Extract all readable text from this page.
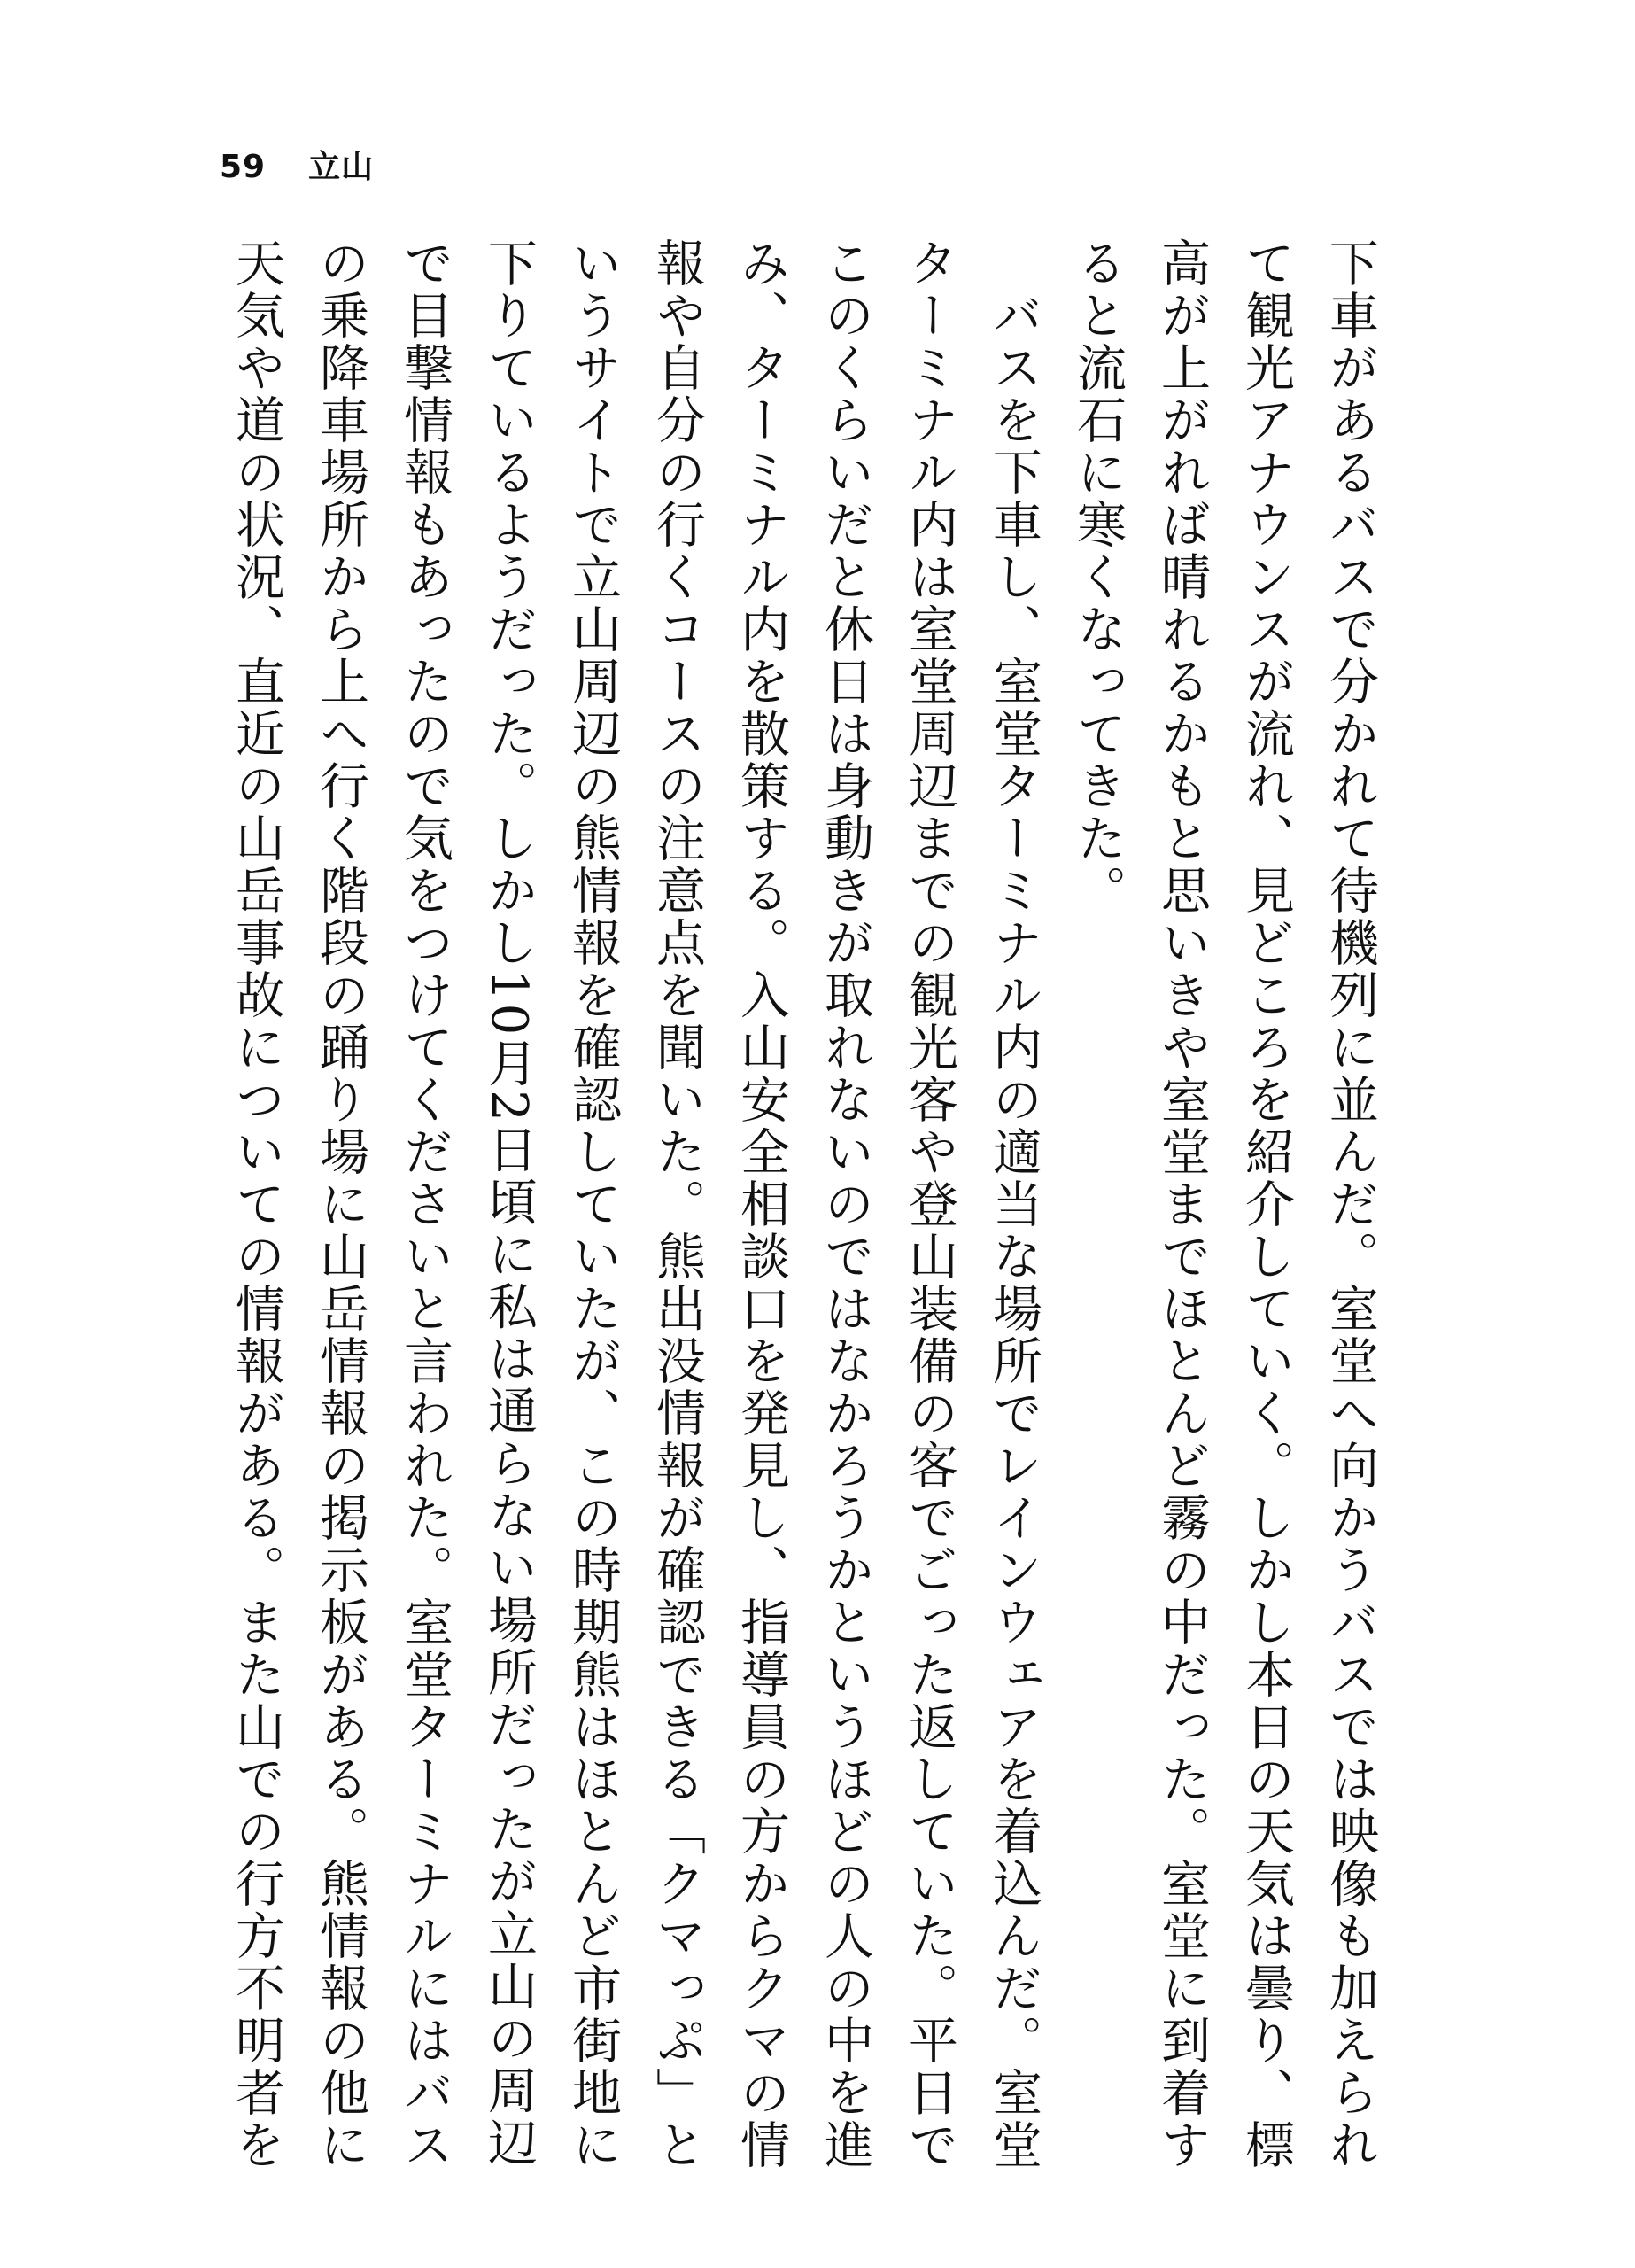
59 立山
下車があるバスで分かれて待機列に並んだ。室堂へ向かうバスでは映像も加えられ
て観光アナウンスが流れ、見どころを紹介していく。しかし本日の天気は曇り、標
高が上がれば晴れるかもと思いきや室堂までほとんど霧の中だった。室堂に到着す
ると流石に寒くなってきた。
　バスを下車し、室堂ターミナル内の適当な場所でレインウェアを着込んだ。室堂
ターミナル内は室堂周辺までの観光客や登山装備の客でごった返していた。平日で
このくらいだと休日は身動きが取れないのではなかろうかというほどの人の中を進
み、ターミナル内を散策する。入山安全相談口を発見し、指導員の方からクマの情
報や自分の行くコースの注意点を聞いた。熊出没情報が確認できる「クマっぷ」と
いうサイトで立山周辺の熊情報を確認していたが、この時期熊はほとんど市街地に
下りているようだった。しかし10月2日頃に私は通らない場所だったが立山の周辺
で目撃情報もあったので気をつけてくださいと言われた。室堂ターミナルにはバス
の乗降車場所から上へ行く階段の踊り場に山岳情報の掲示板がある。熊情報の他に
天気や道の状況、直近の山岳事故についての情報がある。また山での行方不明者を
